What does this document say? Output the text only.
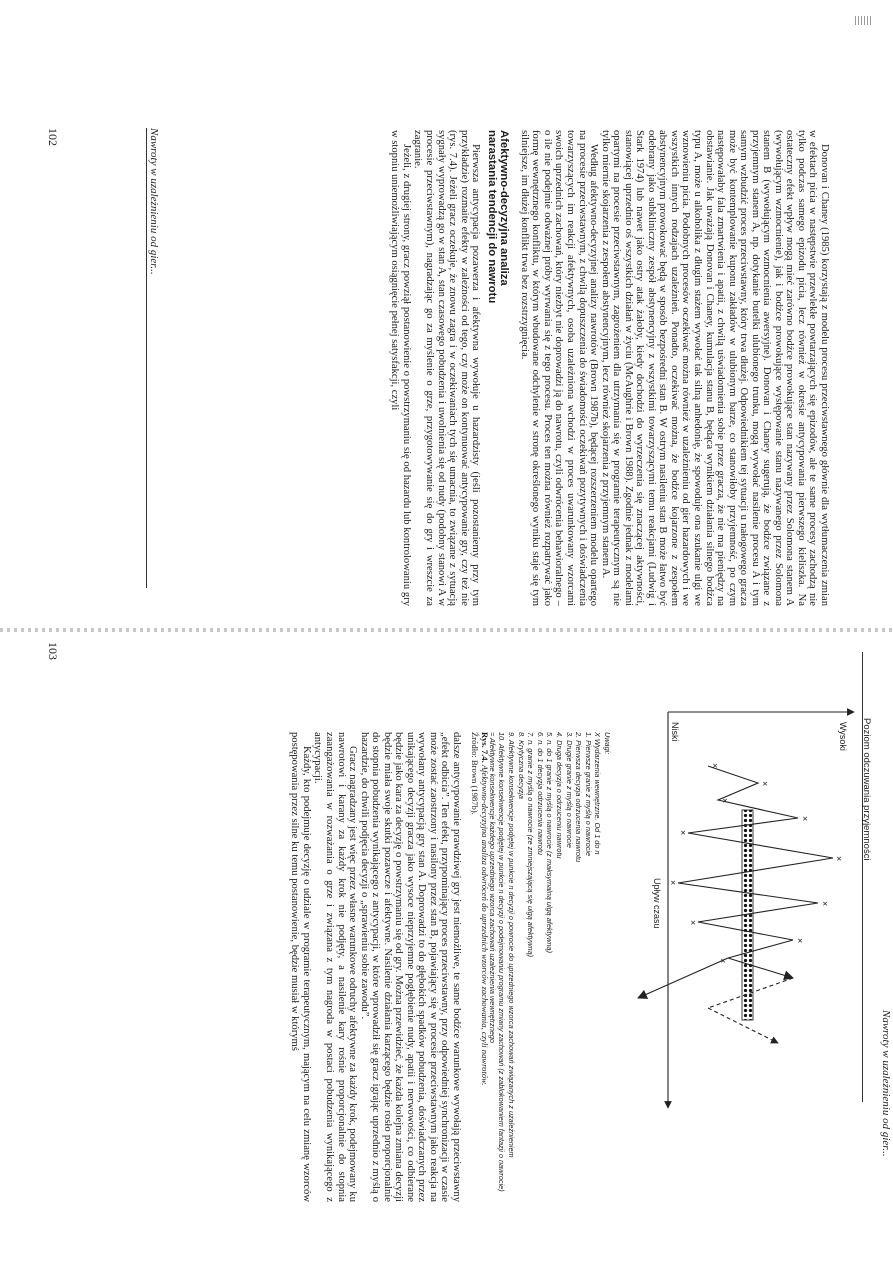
Nawroty w uzależnieniu od gier...	Donovan i Chaney (1985) korzystają z modelu procesu przeciwstawnego głównie dla wytłumaczenia zmian w efektach picia w następstwie przewlekłe powtarzających się epizodów, ale te same procesy zachodzą nie tylko podczas samego epizodu picia, lecz również w okresie antycypowania pierwszego kieliszka. Na ostateczny efekt wpływ mogą mieć zarówno bodźce prowokujące stan nazywany przez Solomona stanem A (wywołującym wzmocnienie), jak i bodźce prowokujące występowanie stanu nazywanego przez Solomona stanem B (wywołującym wzmocnienia awersyjne). Donovan i Chaney sugerują, że bodźce związane z przyjemnym stanem A, np. dotykanie butelki ulubionego trunku, mogą wywołać nasilenie procesu A i tym samym wzbudzić proces przeciwstawny, który trwa dłużej. Odpowiednikiem tej sytuacji u nałogowego gracza może być kontemplowanie kuponu zakładów w ulubionym barze, co stanowiłoby przyjemność, po czym następowałaby fala zmartwienia i apatii, z chwilą uświadomienia sobie przez gracza, że nie ma pieniędzy na obstawianie. Jak uważają Donovan i Chaney, kumulacja stanu B, będąca wynikiem działania silnego bodźca typu A, może u alkoholika z długim stażem wywołać tak silną anhedonię, że spowoduje ona szukanie ulgi we wznowieniu picia. Podobnych procesów oczekiwać można również w uzależnieniu od gier hazardowych i we wszystkich innych rodzajach uzależnień. Ponadto, oczekiwać można, że bodźce kojarzone z zespołem abstynencyjnym prowokować będą w sposób bezpośredni stan B. W ostrym nasileniu stan B może łatwo być odebrany jako subkliniczny zespół abstynencyjny z wszystkimi towarzyszącymi temu reakcjami (Ludwig i Stark 1974) lub nawet jako ostry atak żałoby, kiedy dochodzi do wyrzeczenia się znaczącej aktywności, stanowiącej uprzednio oś wszystkich działań w życiu (McAughrie i Brown 1988). Zgodnie jednak z modelami opartymi na procesie przeciwstawnym, zagrożeniem dla utrzymania się w programie terapeutycznym są nie tylko miernie skojarzenia z zespołem abstynencyjnym, lecz również skojarzenia z przyjemnym stanem A.

Według afektywno-decyzyjnej analizy nawrotów (Brown 1987b), będącej rozszerzeniem modelu opartego na procesie przeciwstawnym, z chwilą dopuszczenia do świadomości oczekiwań pozytywnych i doświadczenia towarzyszących im reakcji afektywnych, osoba uzależniona wchodzi w proces uwarunkowany wzorcami swoich uprzednich zachowań, który niezbyt nie doprowadzi ją do nawrotu, czyli odwrócenia behawioralnego – o ile nie podejmie odważnej próby wyrwania się z tego procesu. Proces ten można również rozpatrywać jako formę wewnętrznego konfliktu, w którym wbudowane odchylenie w stronę określonego wyniku staje się tym silniejsze, im dłużej konflikt trwa bez rozstrzygnięcia.

Afektywno-decyzyjna analiza
narastania tendencji do nawrotu

Pierwsza antycypacja pozawerza i afektywna wywołuje u hazardzisty (jeśli pozostaniemy przy tym przykładzie) rozmaite efekty w zależności od tego, czy może on kontynuować antycypowanie gry, czy też nie (rys. 7.4). Jeżeli gracz oczekuje, że znowu zagra i w oczekiwaniach tych się umacnia, to związane z sytuacją sygnały wyprowadzą go w stan A, stan czasowego pobudzenia i uwolnienia się od nudy (podobny stanowi A w procesie przeciwstawnym), nagradzając go za myślenie o grze, przygotowywanie się do gry i wreszcie za zagranie.

Jeżeli, z drugiej strony, gracz powziął postanowienie o powstrzymaniu się od hazardu lub kontrolowaniu gry w stopniu uniemożliwiającym osiągnięcie pełnej satysfakcji, czyli

102
Nawroty w uzależnieniu od gier...
×
×
×
×
×
×
×
×
×
×
×
Poziom odczuwania przyjemności
Wysoki
Niski
Upływ czasu
Uwagi:
X Wydarzenia wewnętrzne. Od 1 do n
1. Pierwsze granie z myślą o nawrocie
2. Pierwsza decyzja odrzucenia nawrotu
3. Drugie granie z myślą o nawrocie
4. Druga decyzja o odrzuceniu nawrotu
5. n. do 1 granie z myślą o nawrocie (z maksymalną ulgą afektywną)
6. n. do 1 decyzja odrzucenia nawrotu
7. n. granie z myślą o nawrocie (ze zmniejszającą się ulgą afektywną)
8. Krytyczna decyzja
9. Afektywne konsekwencje podjętej w punkcie n decyzji o powrocie do uprzedniego wzorca zachowań związanych z uzależnieniem
10. Afektywne konsekwencje podjętej w punkcie n decyzji o podejmowaniu programu zmiany zachowań (z zablokowaniem fantazji o nawrocie)
= Afektywne konsekwencje każdego uprzedniego wzorca zachowań uzależnienia wewnętrznego
Rys. 7.4. Afektywno-decyzyjna analiza odwróceń do uprzednich wzorców zachowania, czyli nawrotów.
Źródło: Brown (1987b).

dalsze antycypowanie prawdziwej gry jest niemożliwe, te same bodźce warunkowe wywołają przeciwstawny „efekt odbicia”. Ten efekt, przypominający proces przeciwstawny, przy odpowiedniej synchronizacji w czasie może zostać zaostrzony i nasilony przez stan B, pojawiający się w procesie przeciwstawnym jako reakcja na wywołany antycypacją gry stan A. Doprowadzi to do głębokich spadków pobudzenia, doświadczanych przez unikającego decyzji gracza jako wysoce nieprzyjemne pogłębienie nudy, apatii i nerwowości, co odbierane będzie jako kara za decyzję o powstrzymaniu się od gry. Można przewidzieć, że każda kolejna zmiana decyzji będzie miała swoje skutki pozawcze i afektywne. Nasilenie działania karzącego będzie rosło proporcjonalnie do stopnia pobudzenia wynikającego z antycypacji, w które wprowadził się gracz igrając uprzednio z myślą o hazardzie, do chwili podjęcia decyzji o „sprawieniu sobie zawodu”.

Gracz nagradzany jest więc przez własne warunkowe odruchy afektywne za każdy krok, podejmowany ku nawrotowi i karany za każdy krok nie podjęty, a nasilenie kary rośnie proporcjonalnie do stopnia zaangażowania w rozważania o grze i związana z tym nagroda w postaci pobudzenia wynikającego z antycypacji.

Każdy, kto podejmuje decyzję o udziale w programie terapeutycznym, mającym na celu zmianę wzorców postępowania przez silne ku temu postanowienie, będzie musiał w którymś

103
